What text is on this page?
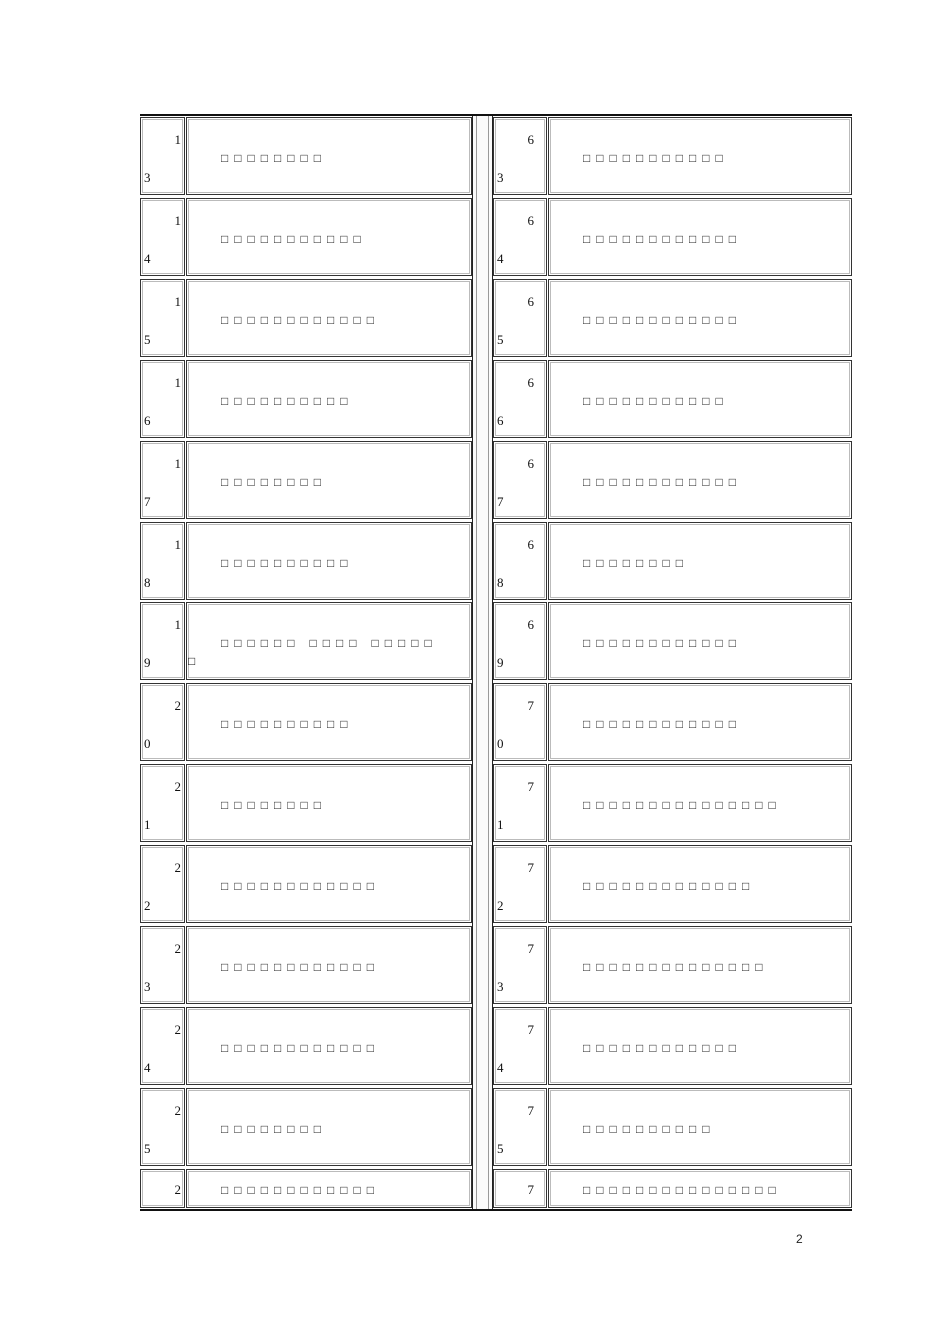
1
3
□□□□□□□□
1
4
□□□□□□□□□□□
1
5
□□□□□□□□□□□□
1
6
□□□□□□□□□□
1
7
□□□□□□□□
1
8
□□□□□□□□□□
1
9
□□□□□□ □□□□ □□□□□
□
2
0
□□□□□□□□□□
2
1
□□□□□□□□
2
2
□□□□□□□□□□□□
2
3
□□□□□□□□□□□□
2
4
□□□□□□□□□□□□
2
5
□□□□□□□□
2	□□□□□□□□□□□□
6
3
□□□□□□□□□□□
6
4
□□□□□□□□□□□□
6
5
□□□□□□□□□□□□
6
6
□□□□□□□□□□□
6
7
□□□□□□□□□□□□
6
8
□□□□□□□□
6
9
□□□□□□□□□□□□
7
0
□□□□□□□□□□□□
7
1
□□□□□□□□□□□□□□□
7
2
□□□□□□□□□□□□□
7
3
□□□□□□□□□□□□□□
7
4
□□□□□□□□□□□□
7
5
□□□□□□□□□□
7	□□□□□□□□□□□□□□□
2
